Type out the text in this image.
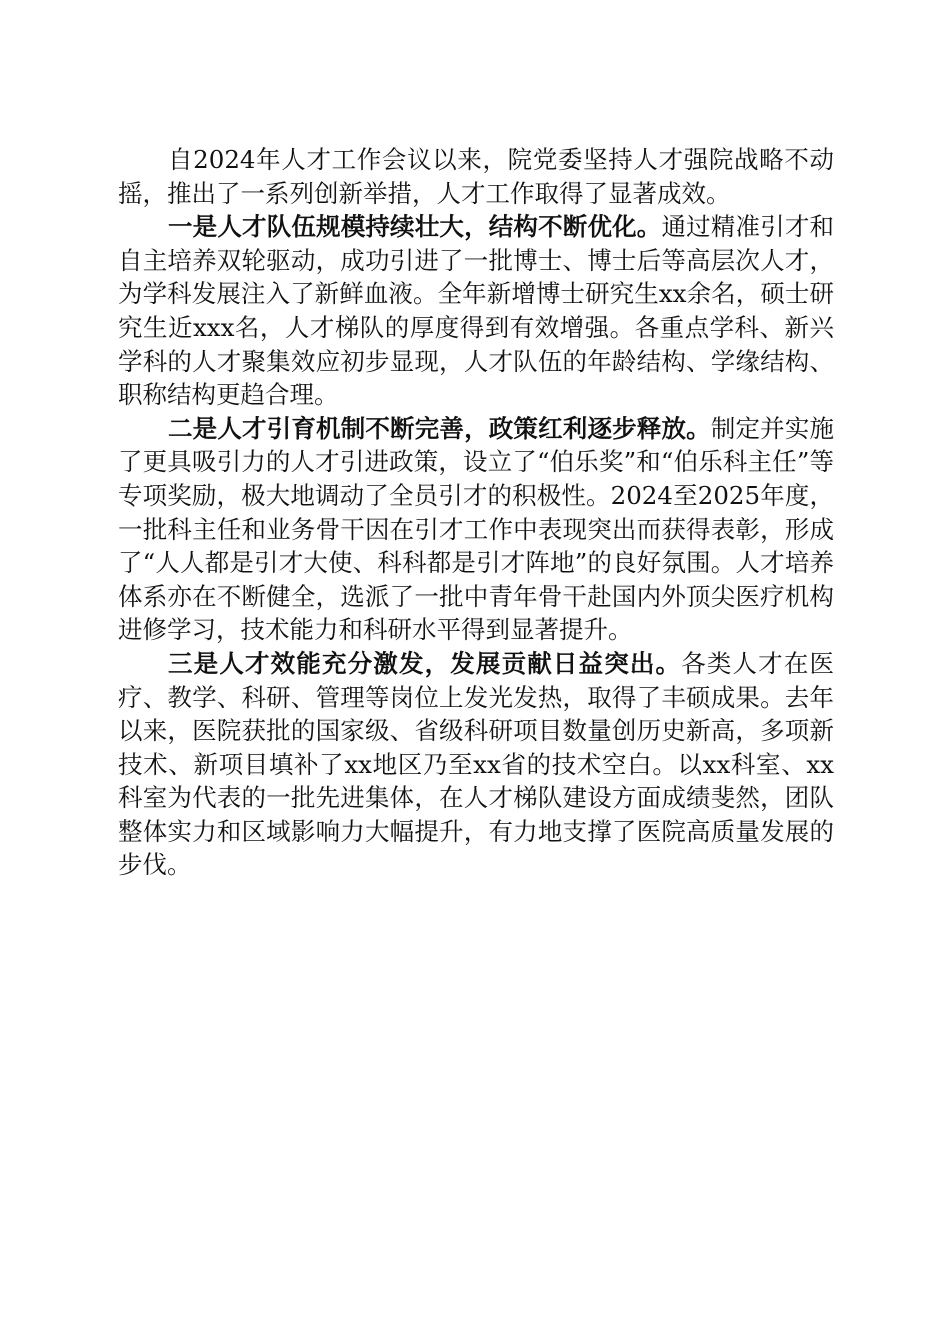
自2024年人才工作会议以来，院党委坚持人才强院战略不动摇，推出了一系列创新举措，人才工作取得了显著成效。

一是人才队伍规模持续壮大，结构不断优化。通过精准引才和自主培养双轮驱动，成功引进了一批博士、博士后等高层次人才，为学科发展注入了新鲜血液。全年新增博士研究生xx余名，硕士研究生近xxx名，人才梯队的厚度得到有效增强。各重点学科、新兴学科的人才聚集效应初步显现，人才队伍的年龄结构、学缘结构、职称结构更趋合理。

二是人才引育机制不断完善，政策红利逐步释放。制定并实施了更具吸引力的人才引进政策，设立了“伯乐奖”和“伯乐科主任”等专项奖励，极大地调动了全员引才的积极性。2024至2025年度，一批科主任和业务骨干因在引才工作中表现突出而获得表彰，形成了“人人都是引才大使、科科都是引才阵地”的良好氛围。人才培养体系亦在不断健全，选派了一批中青年骨干赴国内外顶尖医疗机构进修学习，技术能力和科研水平得到显著提升。

三是人才效能充分激发，发展贡献日益突出。各类人才在医疗、教学、科研、管理等岗位上发光发热，取得了丰硕成果。去年以来，医院获批的国家级、省级科研项目数量创历史新高，多项新技术、新项目填补了xx地区乃至xx省的技术空白。以xx科室、xx科室为代表的一批先进集体，在人才梯队建设方面成绩斐然，团队整体实力和区域影响力大幅提升，有力地支撑了医院高质量发展的步伐。
